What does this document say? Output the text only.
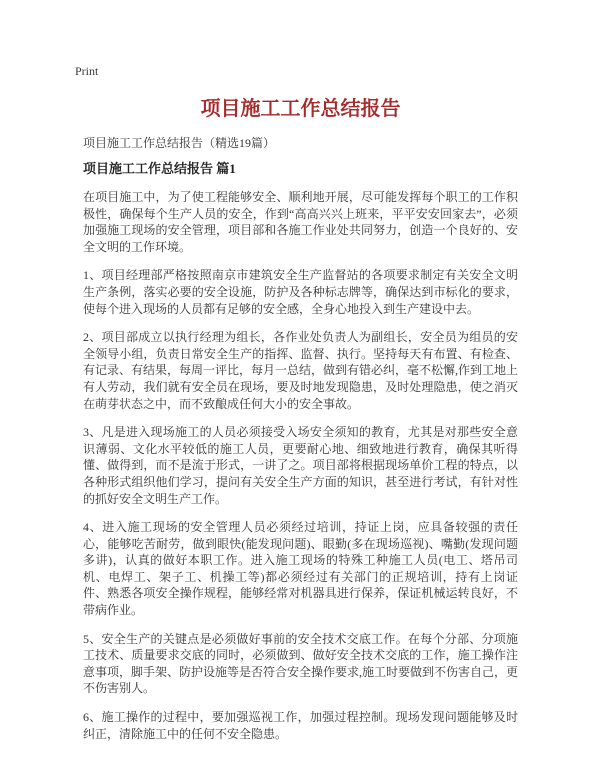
Print
项目施工工作总结报告

项目施工工作总结报告（精选19篇）

项目施工工作总结报告 篇1

在项目施工中，为了使工程能够安全、顺利地开展，尽可能发挥每个职工的工作积极性，确保每个生产人员的安全，作到“高高兴兴上班来，平平安安回家去”，必须加强施工现场的安全管理，项目部和各施工作业处共同努力，创造一个良好的、安全文明的工作环境。

1、项目经理部严格按照南京市建筑安全生产监督站的各项要求制定有关安全文明生产条例，落实必要的安全设施，防护及各种标志牌等，确保达到市标化的要求，使每个进入现场的人员都有足够的安全感，全身心地投入到生产建设中去。

2、项目部成立以执行经理为组长，各作业处负责人为副组长，安全员为组员的安全领导小组，负责日常安全生产的指挥、监督、执行。坚持每天有布置、有检查、有记录、有结果，每周一评比，每月一总结，做到有错必纠，毫不松懈,作到工地上有人劳动，我们就有安全员在现场，要及时地发现隐患，及时处理隐患，使之消灭在萌芽状态之中，而不致酿成任何大小的安全事故。

3、凡是进入现场施工的人员必须接受入场安全须知的教育，尤其是对那些安全意识薄弱、文化水平较低的施工人员，更要耐心地、细致地进行教育，确保其听得懂、做得到，而不是流于形式，一讲了之。项目部将根据现场单价工程的特点，以各种形式组织他们学习，提问有关安全生产方面的知识，甚至进行考试，有针对性的抓好安全文明生产工作。

4、进入施工现场的安全管理人员必须经过培训，持证上岗，应具备较强的责任心，能够吃苦耐劳，做到眼快(能发现问题)、眼勤(多在现场巡视)、嘴勤(发现问题多讲)，认真的做好本职工作。进入施工现场的特殊工种施工人员(电工、塔吊司机、电焊工、架子工、机操工等)都必须经过有关部门的正规培训，持有上岗证件、熟悉各项安全操作规程，能够经常对机器具进行保养，保证机械运转良好，不带病作业。

5、安全生产的关键点是必须做好事前的安全技术交底工作。在每个分部、分项施工技术、质量要求交底的同时，必须做到、做好安全技术交底的工作，施工操作注意事项，脚手架、防护设施等是否符合安全操作要求,施工时要做到不伤害自己，更不伤害别人。

6、施工操作的过程中，要加强巡视工作，加强过程控制。现场发现问题能够及时纠正，清除施工中的任何不安全隐患。
